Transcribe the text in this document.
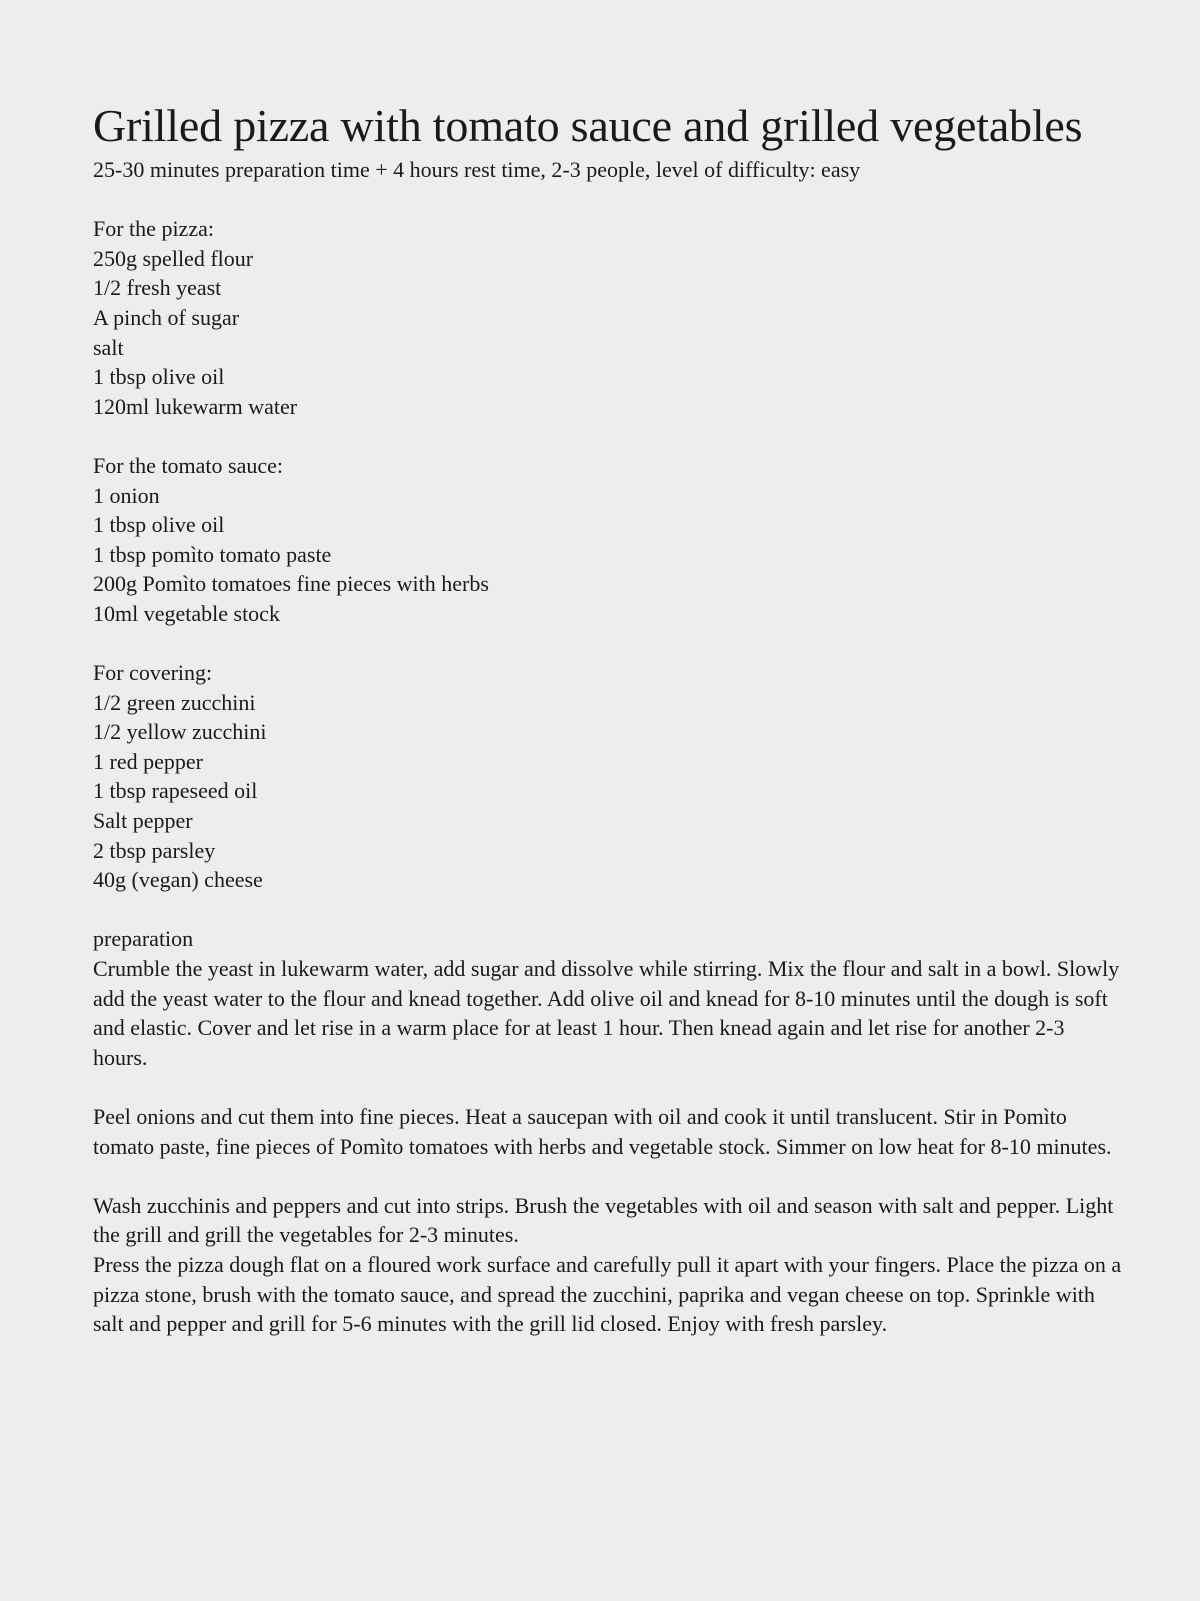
Grilled pizza with tomato sauce and grilled vegetables

25-30 minutes preparation time + 4 hours rest time, 2-3 people, level of difficulty: easy

For the pizza:
250g spelled flour
1/2 fresh yeast
A pinch of sugar
salt
1 tbsp olive oil
120ml lukewarm water
For the tomato sauce:
1 onion
1 tbsp olive oil
1 tbsp pomìto tomato paste
200g Pomìto tomatoes fine pieces with herbs
10ml vegetable stock
For covering:
1/2 green zucchini
1/2 yellow zucchini
1 red pepper
1 tbsp rapeseed oil
Salt pepper
2 tbsp parsley
40g (vegan) cheese
preparation

Crumble the yeast in lukewarm water, add sugar and dissolve while stirring. Mix the flour and salt in a bowl. Slowly add the yeast water to the flour and knead together. Add olive oil and knead for 8-10 minutes until the dough is soft and elastic. Cover and let rise in a warm place for at least 1 hour. Then knead again and let rise for another 2-3 hours.

Peel onions and cut them into fine pieces. Heat a saucepan with oil and cook it until translucent. Stir in Pomìto tomato paste, fine pieces of Pomìto tomatoes with herbs and vegetable stock. Simmer on low heat for 8-10 minutes.

Wash zucchinis and peppers and cut into strips. Brush the vegetables with oil and season with salt and pepper. Light the grill and grill the vegetables for 2-3 minutes.

Press the pizza dough flat on a floured work surface and carefully pull it apart with your fingers. Place the pizza on a pizza stone, brush with the tomato sauce, and spread the zucchini, paprika and vegan cheese on top. Sprinkle with salt and pepper and grill for 5-6 minutes with the grill lid closed. Enjoy with fresh parsley.
